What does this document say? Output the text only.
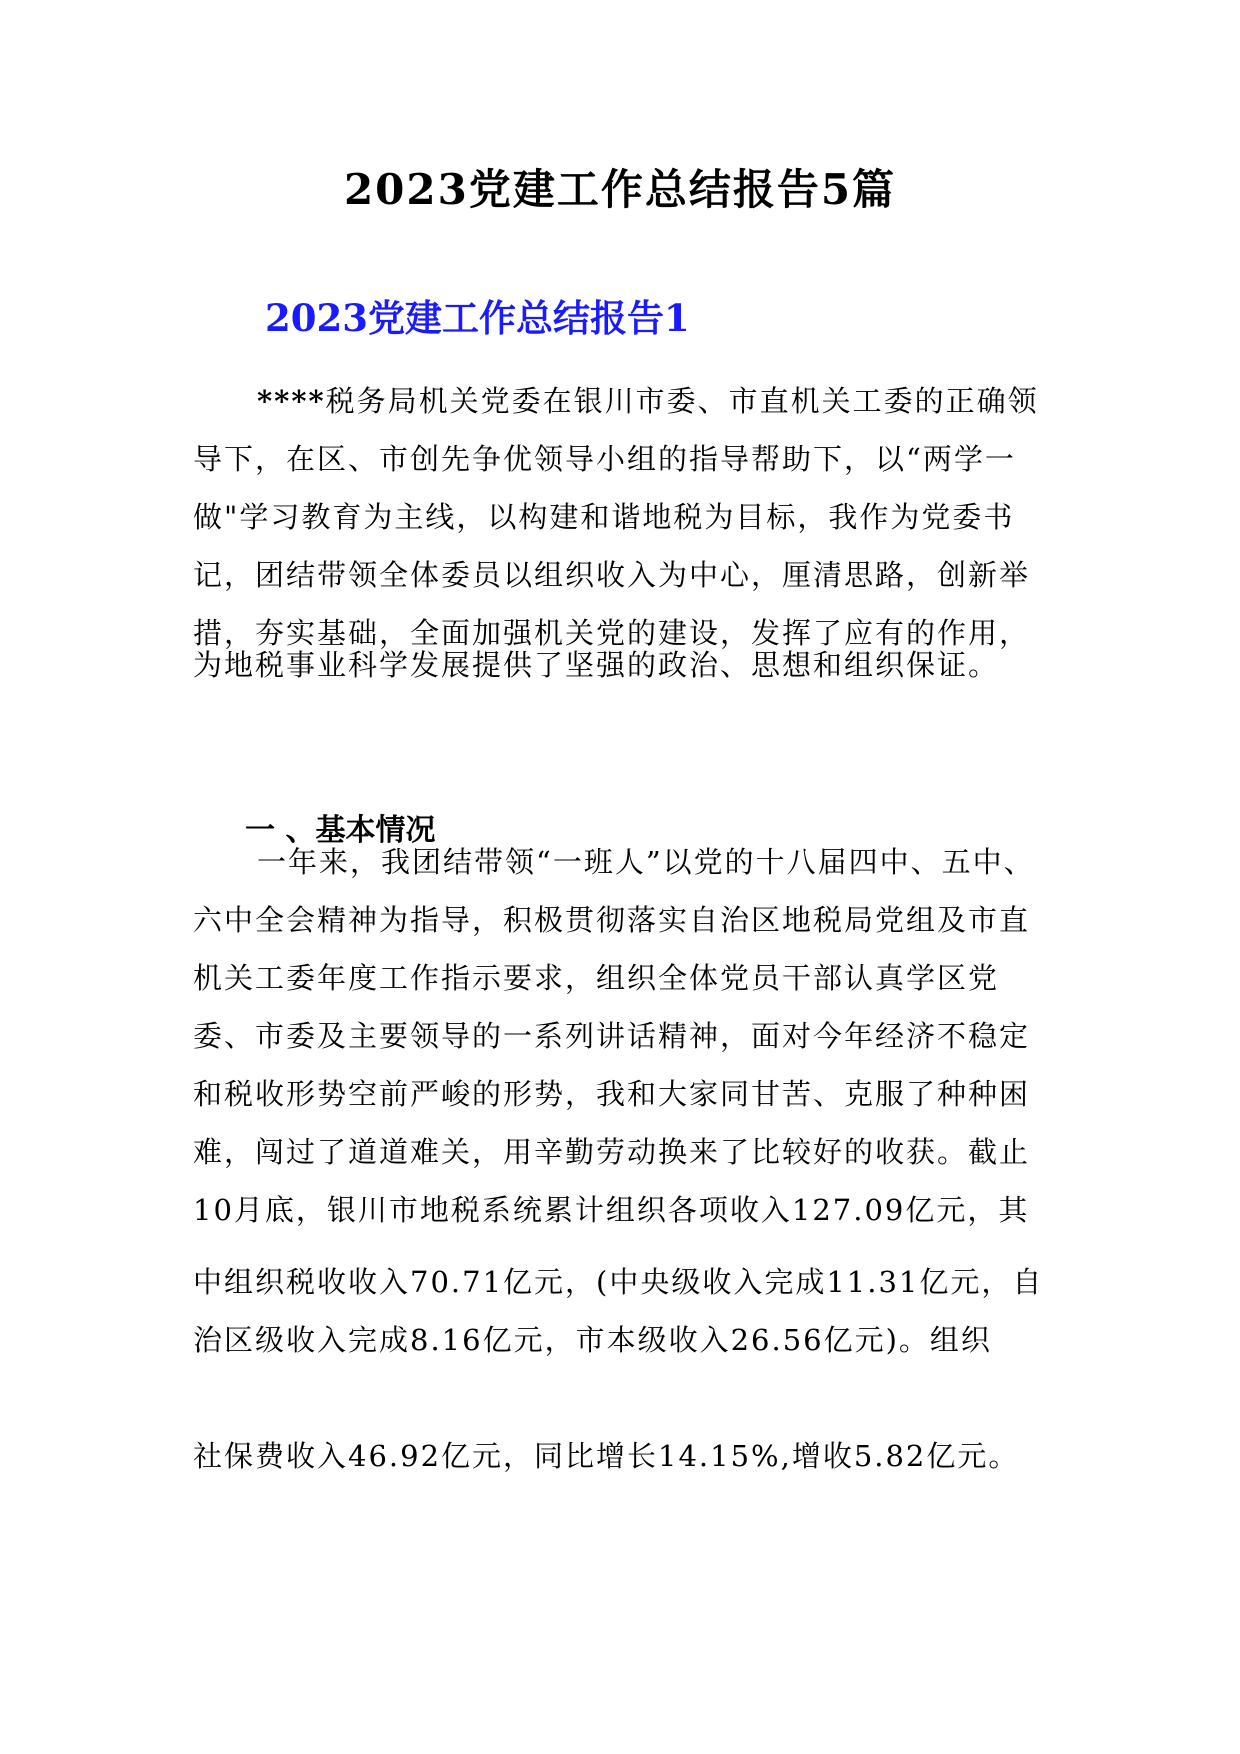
2023党建工作总结报告5篇
2023党建工作总结报告1

****税务局机关党委在银川市委、市直机关工委的正确领导下，在区、市创先争优领导小组的指导帮助下，以“两学一做"学习教育为主线，以构建和谐地税为目标，我作为党委书记，团结带领全体委员以组织收入为中心，厘清思路，创新举措，夯实基础，全面加强机关党的建设，发挥了应有的作用，

为地税事业科学发展提供了坚强的政治、思想和组织保证。

一 、基本情况

一年来，我团结带领“一班人”以党的十八届四中、五中、六中全会精神为指导，积极贯彻落实自治区地税局党组及市直机关工委年度工作指示要求，组织全体党员干部认真学区党委、市委及主要领导的一系列讲话精神，面对今年经济不稳定和税收形势空前严峻的形势，我和大家同甘苦、克服了种种困难，闯过了道道难关，用辛勤劳动换来了比较好的收获。截止10月底，银川市地税系统累计组织各项收入127.09亿元，其

中组织税收收入70.71亿元，(中央级收入完成11.31亿元，自治区级收入完成8.16亿元，市本级收入26.56亿元)。组织

社保费收入46.92亿元，同比增长14.15%,增收5.82亿元。
